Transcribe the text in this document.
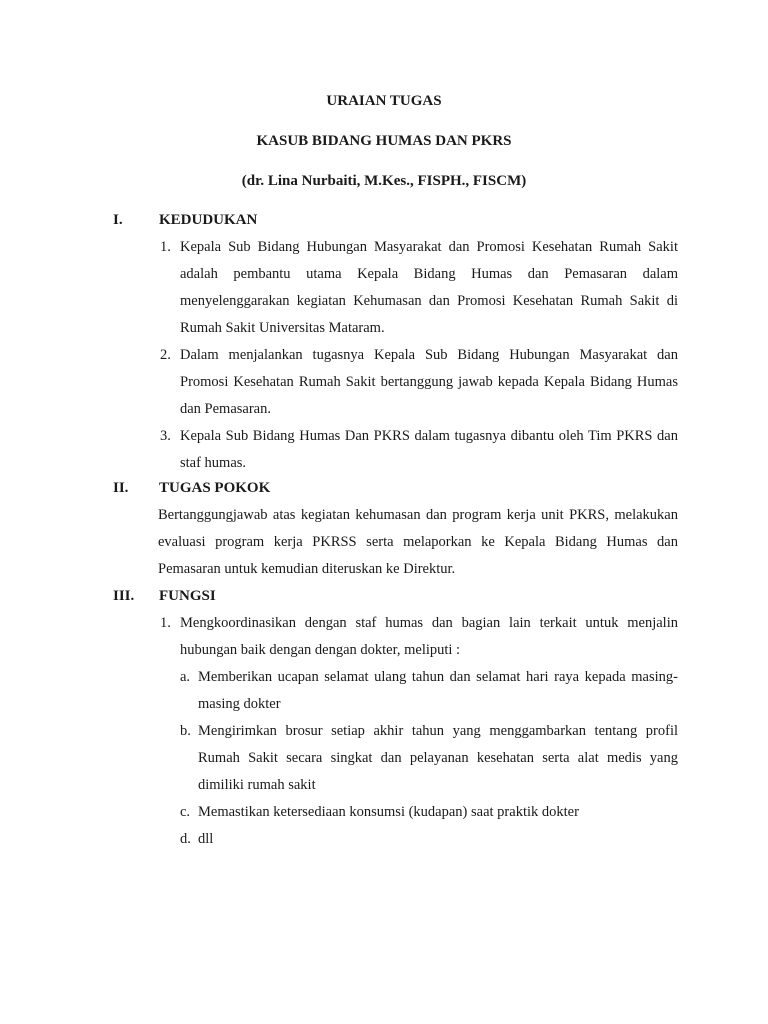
URAIAN TUGAS
KASUB BIDANG HUMAS DAN PKRS
(dr. Lina Nurbaiti, M.Kes., FISPH., FISCM)
I. KEDUDUKAN
1. Kepala Sub Bidang Hubungan Masyarakat dan Promosi Kesehatan Rumah Sakit adalah pembantu utama Kepala Bidang Humas dan Pemasaran dalam menyelenggarakan kegiatan Kehumasan dan Promosi Kesehatan Rumah Sakit di Rumah Sakit Universitas Mataram.
2. Dalam menjalankan tugasnya Kepala Sub Bidang Hubungan Masyarakat dan Promosi Kesehatan Rumah Sakit bertanggung jawab kepada Kepala Bidang Humas dan Pemasaran.
3. Kepala Sub Bidang Humas Dan PKRS dalam tugasnya dibantu oleh Tim PKRS dan staf humas.
II. TUGAS POKOK

Bertanggungjawab atas kegiatan kehumasan dan program kerja unit PKRS, melakukan evaluasi program kerja PKRSS serta melaporkan ke Kepala Bidang Humas dan Pemasaran untuk kemudian diteruskan ke Direktur.

III. FUNGSI
1. Mengkoordinasikan dengan staf humas dan bagian lain terkait untuk menjalin hubungan baik dengan dengan dokter, meliputi :
a. Memberikan ucapan selamat ulang tahun dan selamat hari raya kepada masing-masing dokter
b. Mengirimkan brosur setiap akhir tahun yang menggambarkan tentang profil Rumah Sakit secara singkat dan pelayanan kesehatan serta alat medis yang dimiliki rumah sakit
c. Memastikan ketersediaan konsumsi (kudapan) saat praktik dokter
d. dll
